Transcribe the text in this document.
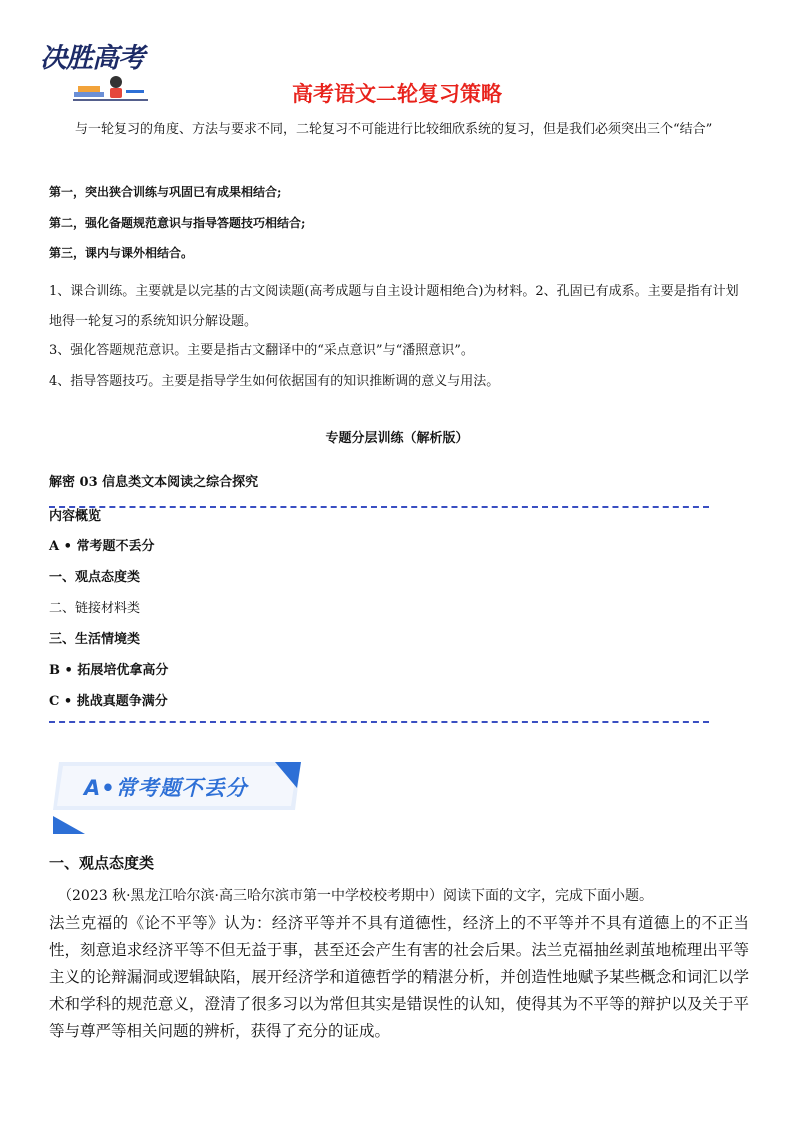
决胜高考
高考语文二轮复习策略

与一轮复习的角度、方法与要求不同，二轮复习不可能进行比较细欣系统的复习，但是我们必须突出三个“结合”

第一，突出狭合训练与巩固已有成果相结合;

第二，强化备题规范意识与指导答题技巧相结合;

第三，课内与课外相结合。

1、课合训练。主要就是以完基的古文阅读题(高考成题与自主设计题相绝合)为材料。2、孔固已有成系。主要是指有计划地得一轮复习的系统知识分解设题。

3、强化答题规范意识。主要是指古文翻译中的“采点意识”与“潘照意识”。

4、指导答题技巧。主要是指导学生如何依据国有的知识推断调的意义与用法。

专题分层训练（解析版）

解密 03 信息类文本阅读之综合探究

内容概览

A • 常考题不丢分

一、观点态度类

二、链接材料类

三、生活情境类

B • 拓展培优拿高分

C • 挑战真题争满分

A•常考题不丢分

一、观点态度类

（2023 秋·黑龙江哈尔滨·高三哈尔滨市第一中学校校考期中）阅读下面的文字，完成下面小题。

法兰克福的《论不平等》认为：经济平等并不具有道德性，经济上的不平等并不具有道德上的不正当性，刻意追求经济平等不但无益于事，甚至还会产生有害的社会后果。法兰克福抽丝剥茧地梳理出平等主义的论辩漏洞或逻辑缺陷，展开经济学和道德哲学的精湛分析，并创造性地赋予某些概念和词汇以学术和学科的规范意义，澄清了很多习以为常但其实是错误性的认知，使得其为不平等的辩护以及关于平等与尊严等相关问题的辨析，获得了充分的证成。
